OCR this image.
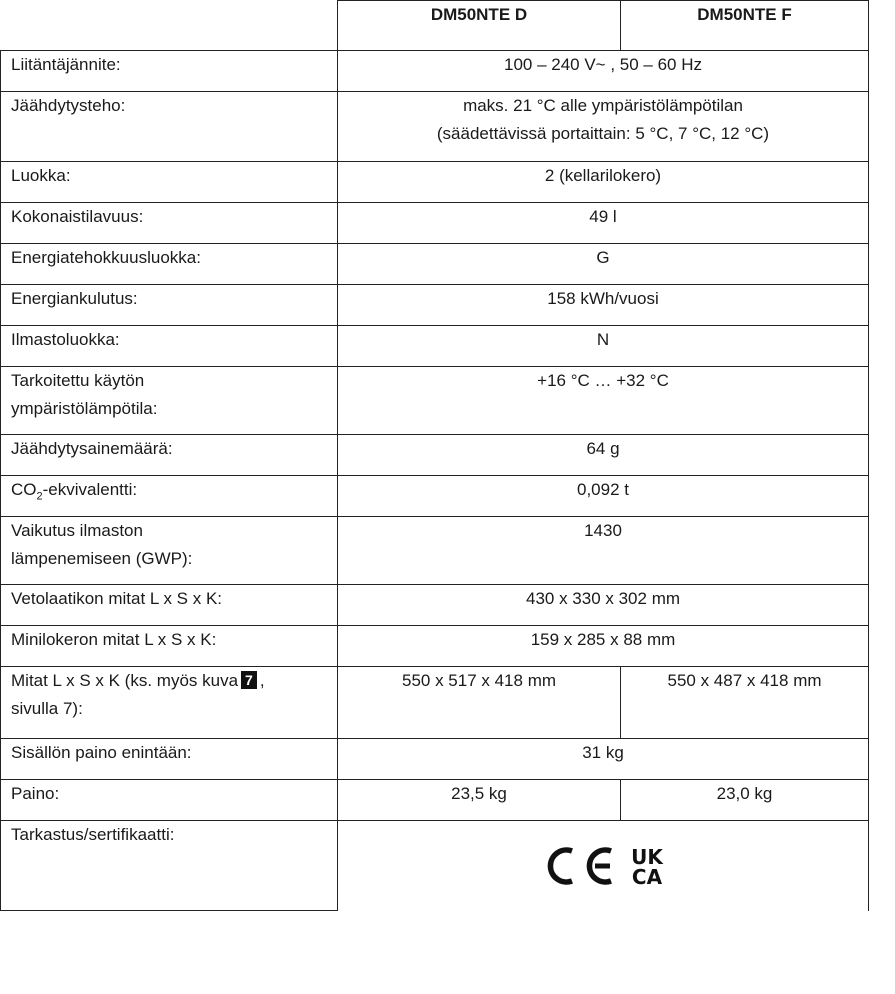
	DM50NTE D	DM50NTE F
Liitäntäjännite:	100 – 240 V~ , 50 – 60 Hz	
Jäähdytysteho:	maks. 21 °C alle ympäristölämpötilan
(säädettävissä portaittain: 5 °C, 7 °C, 12 °C)	

Luokka:	2 (kellarilokero)	
Kokonaistilavuus:	49 l	
Energiatehokkuusluokka:	G	
Energiankulutus:	158 kWh/vuosi	
Ilmastoluokka:	N	

Tarkoitettu käytön
ympäristölämpötila:	+16 °C … +32 °C	
Jäähdytysainemäärä:	64 g	
$CO_2$-ekvivalentti:	0,092 t	

Vaikutus ilmaston
lämpenemiseen (GWP):	1430	
Vetolaatikon mitat L x S x K:	430 x 330 x 302 mm	
Minilokeron mitat L x S x K:	159 x 285 x 88 mm	

Mitat L x S x K (ks. myös kuva 7 ,
sivulla 7):	550 x 517 x 418 mm	550 x 487 x 418 mm
Sisällön paino enintään:	31 kg	
Paino:	23,5 kg	23,0 kg
Tarkastus/sertifikaatti:	UK
CA	
